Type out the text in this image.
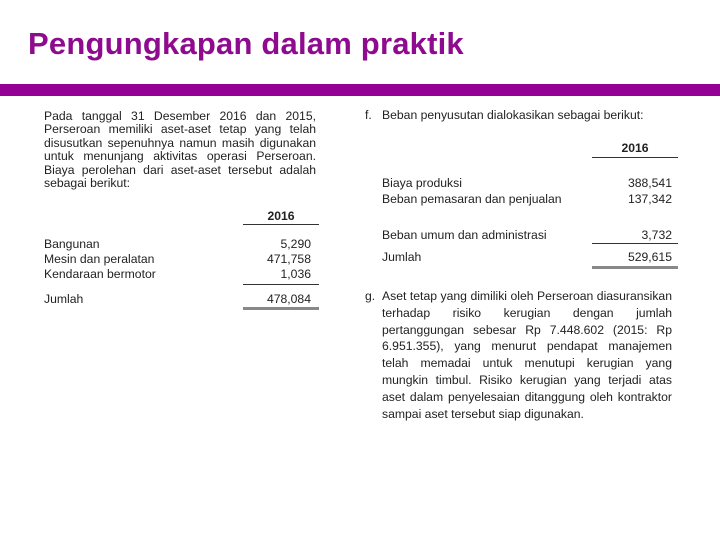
Pengungkapan dalam praktik
Pada tanggal 31 Desember 2016 dan 2015, Perseroan memiliki aset-aset tetap yang telah disusutkan sepenuhnya namun masih digunakan untuk menunjang aktivitas operasi Perseroan. Biaya perolehan dari aset-aset tersebut adalah sebagai berikut:
2016
Bangunan	5,290
Mesin dan peralatan	471,758
Kendaraan bermotor	1,036
Jumlah	478,084
f. Beban penyusutan dialokasikan sebagai berikut:
2016
Biaya produksi	388,541
Beban pemasaran dan penjualan	137,342
Beban umum dan administrasi	3,732
Jumlah	529,615
g. Aset tetap yang dimiliki oleh Perseroan diasuransikan terhadap risiko kerugian dengan jumlah pertanggungan sebesar Rp 7.448.602 (2015: Rp 6.951.355), yang menurut pendapat manajemen telah memadai untuk menutupi kerugian yang mungkin timbul. Risiko kerugian yang terjadi atas aset dalam penyelesaian ditanggung oleh kontraktor sampai aset tersebut siap digunakan.
